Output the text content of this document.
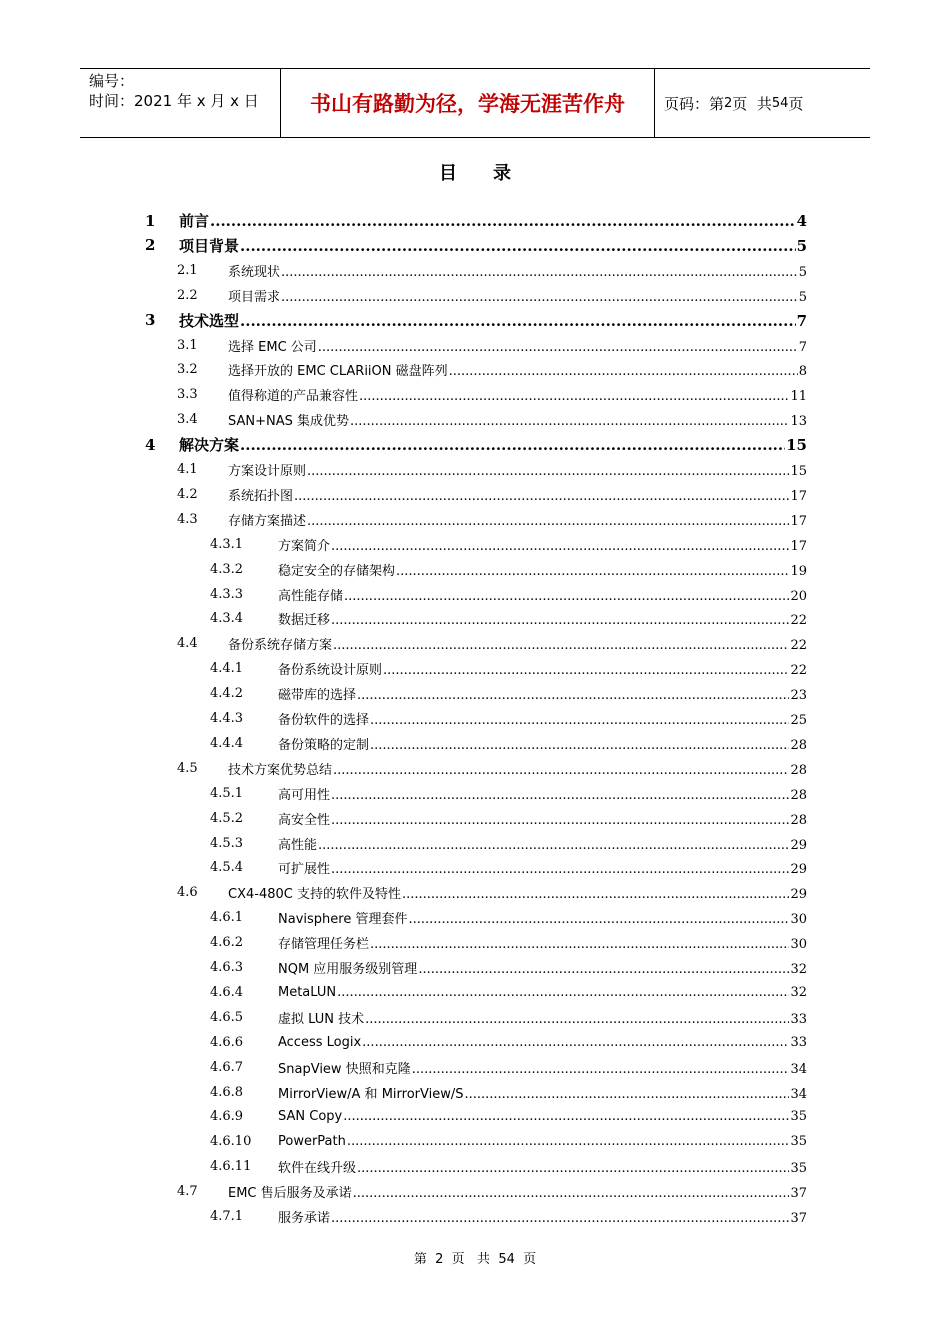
编号：
时间：2021 年 x 月 x 日	书山有路勤为径，学海无涯苦作舟	页码：第 2 页  共 54 页
目 录
1 前言 .....	4
2 项目背景 .....	5
2.1 系统现状 .....	5
2.2 项目需求 .....	5
3 技术选型 .....	7
3.1 选择 EMC 公司 .....	7
3.2 选择开放的 EMC CLARiiON 磁盘阵列 .....	8
3.3 值得称道的产品兼容性 .....	11
3.4 SAN+NAS 集成优势 .....	13
4 解决方案 .....	15
4.1 方案设计原则 .....	15
4.2 系统拓扑图 .....	17
4.3 存储方案描述 .....	17
4.3.1	方案简介 .....	17
4.3.2	稳定安全的存储架构 .....	19
4.3.3	高性能存储 .....	20
4.3.4	数据迁移 .....	22
4.4 备份系统存储方案 .....	22
4.4.1	备份系统设计原则 .....	22
4.4.2	磁带库的选择 .....	23
4.4.3	备份软件的选择 .....	25
4.4.4	备份策略的定制 .....	28
4.5 技术方案优势总结 .....	28
4.5.1	高可用性 .....	28
4.5.2	高安全性 .....	28
4.5.3	高性能 .....	29
4.5.4	可扩展性 .....	29
4.6 CX4-480C 支持的软件及特性 .....	29
4.6.1	Navisphere 管理套件 .....	30
4.6.2	存储管理任务栏 .....	30
4.6.3	NQM 应用服务级别管理 .....	32
4.6.4	MetaLUN .....	32
4.6.5	虚拟 LUN 技术 .....	33
4.6.6	Access Logix .....	33
4.6.7	SnapView 快照和克隆 .....	34
4.6.8	MirrorView/A 和 MirrorView/S .....	34
4.6.9	SAN Copy .....	35
4.6.10 PowerPath .....	35
4.6.11 软件在线升级 .....	35
4.7 EMC 售后服务及承诺 .....	37
4.7.1	服务承诺 .....	37
第  2  页   共  54  页
